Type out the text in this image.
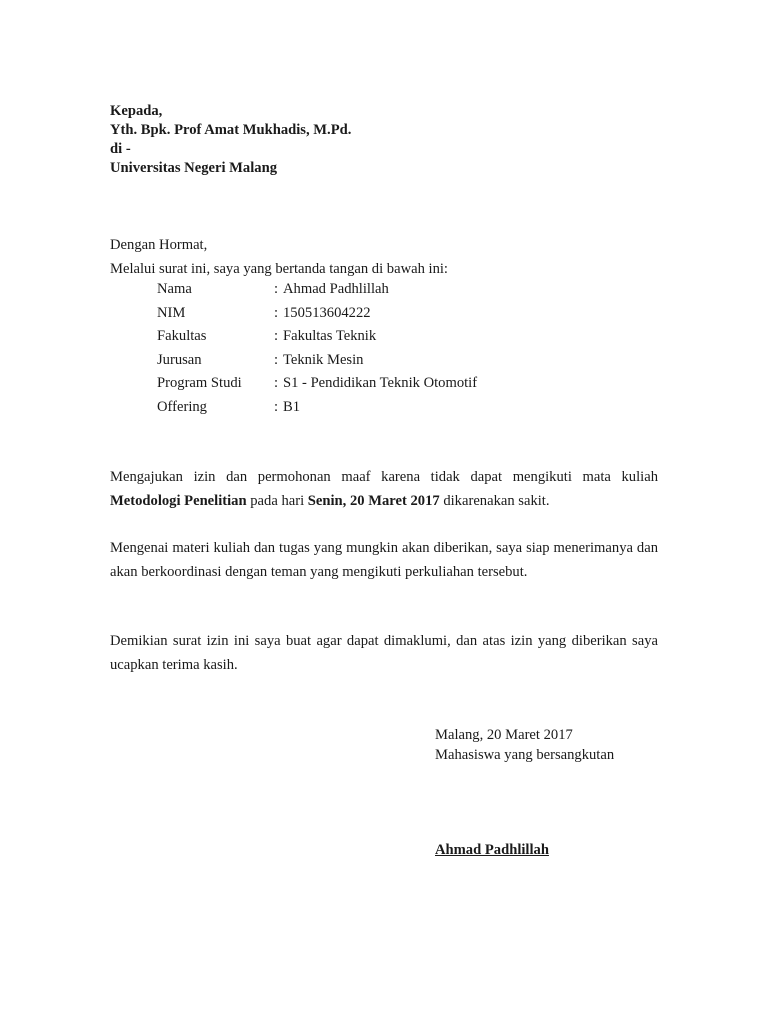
Kepada,
Yth. Bpk. Prof Amat Mukhadis, M.Pd.
di -
Universitas Negeri Malang
Dengan Hormat,
Melalui surat ini, saya yang bertanda tangan di bawah ini:
Nama	: Ahmad Padhlillah
NIM	: 150513604222
Fakultas	: Fakultas Teknik
Jurusan	: Teknik Mesin
Program Studi	: S1 - Pendidikan Teknik Otomotif
Offering	: B1
Mengajukan izin dan permohonan maaf karena tidak dapat mengikuti mata kuliah Metodologi Penelitian pada hari Senin, 20 Maret 2017 dikarenakan sakit.
Mengenai materi kuliah dan tugas yang mungkin akan diberikan, saya siap menerimanya dan akan berkoordinasi dengan teman yang mengikuti perkuliahan tersebut.
Demikian surat izin ini saya buat agar dapat dimaklumi, dan atas izin yang diberikan saya ucapkan terima kasih.
Malang, 20 Maret 2017
Mahasiswa yang bersangkutan
Ahmad Padhlillah
